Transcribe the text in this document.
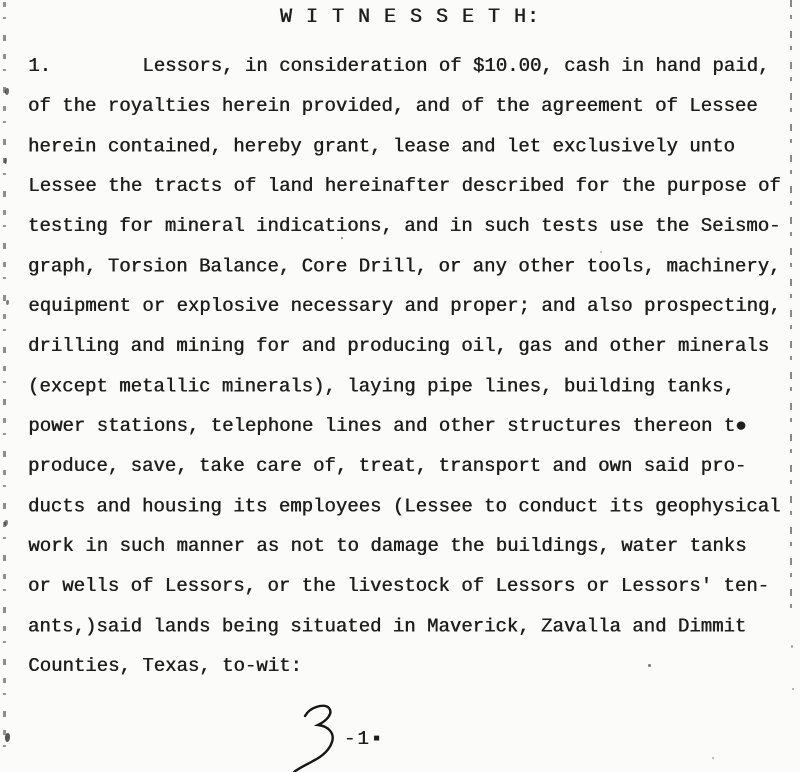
W I T N E S S E T H:
1.        Lessors, in consideration of $10.00, cash in hand paid,
of the royalties herein provided, and of the agreement of Lessee
herein contained, hereby grant, lease and let exclusively unto
Lessee the tracts of land hereinafter described for the purpose of
testing for mineral indications, and in such tests use the Seismo-
graph, Torsion Balance, Core Drill, or any other tools, machinery,
equipment or explosive necessary and proper; and also prospecting,
drilling and mining for and producing oil, gas and other minerals
(except metallic minerals), laying pipe lines, building tanks,
power stations, telephone lines and other structures thereon t●
produce, save, take care of, treat, transport and own said pro-
ducts and housing its employees (Lessee to conduct its geophysical
work in such manner as not to damage the buildings, water tanks
or wells of Lessors, or the livestock of Lessors or Lessors' ten-
ants,)said lands being situated in Maverick, Zavalla and Dimmit
Counties, Texas, to-wit:
-1▪
